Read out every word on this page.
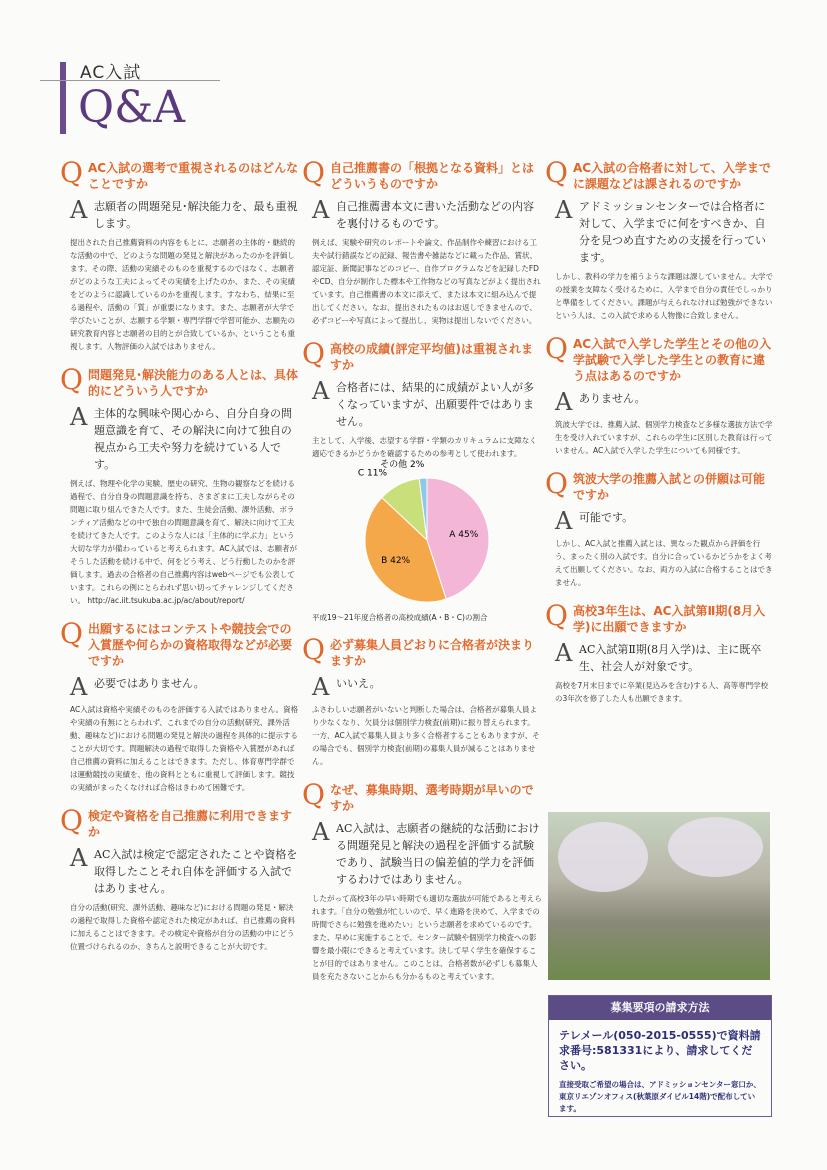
AC入試
Q&A
Q AC入試の選考で重視されるのはどんなことですか
A 志願者の問題発見･解決能力を、最も重視します。
提出された自己推薦資料の内容をもとに、志願者の主体的・継続的な活動の中で、どのような問題の発見と解決があったのかを評価します。その際、活動の実績そのものを重視するのではなく、志願者がどのような工夫によってその実績を上げたのか、また、その実績をどのように認識しているのかを重視します。すなわち、結果に至る過程や、活動の「質」が重要になります。また、志願者が大学で学びたいことが、志願する学類・専門学群で学習可能か、志願先の研究教育内容と志願者の目的とが合致しているか、ということも重視します。人物評価の入試ではありません。
Q 問題発見･解決能力のある人とは、具体的にどういう人ですか
A 主体的な興味や関心から、自分自身の問題意識を育て、その解決に向けて独自の視点から工夫や努力を続けている人です。
例えば、物理や化学の実験、歴史の研究、生物の観察などを続ける過程で、自分自身の問題意識を持ち、さまざまに工夫しながらその問題に取り組んできた人です。また、生徒会活動、課外活動、ボランティア活動などの中で独自の問題意識を育て、解決に向けて工夫を続けてきた人です。このような人には「主体的に学ぶ力」という大切な学力が備わっていると考えられます。AC入試では、志願者がそうした活動を続ける中で、何をどう考え、どう行動したのかを評価します。過去の合格者の自己推薦内容はwebページでも公表しています。これらの例にとらわれず思い切ってチャレンジしてください。 http://ac.iit.tsukuba.ac.jp/ac/about/report/
Q 出願するにはコンテストや競技会での入賞歴や何らかの資格取得などが必要ですか
A 必要ではありません。
AC入試は資格や実績そのものを評価する入試ではありません。資格や実績の有無にとらわれず、これまでの自分の活動(研究、課外活動、趣味など)における問題の発見と解決の過程を具体的に提示することが大切です。問題解決の過程で取得した資格や入賞歴があれば自己推薦の資料に加えることはできます。ただし、体育専門学群では運動競技の実績を、他の資料とともに重視して評価します。競技の実績がまったくなければ合格はきわめて困難です。
Q 検定や資格を自己推薦に利用できますか
A AC入試は検定で認定されたことや資格を取得したことそれ自体を評価する入試ではありません。
自分の活動(研究、課外活動、趣味など)における問題の発見・解決の過程で取得した資格や認定された検定があれば、自己推薦の資料に加えることはできます。その検定や資格が自分の活動の中にどう位置づけられるのか、きちんと説明できることが大切です。
Q 自己推薦書の「根拠となる資料」とはどういうものですか
A 自己推薦書本文に書いた活動などの内容を裏付けるものです。
例えば、実験や研究のレポートや論文、作品制作や練習における工夫や試行錯誤などの記録、報告書や雑誌などに載った作品、賞状、認定証、新聞記事などのコピー、自作プログラムなどを記録したFDやCD、自分が制作した標本や工作物などの写真などがよく提出されています。自己推薦書の本文に添えて、または本文に組み込んで提出してください。なお、提出されたものはお返しできませんので、必ずコピーや写真によって提出し、実物は提出しないでください。
Q 高校の成績(評定平均値)は重視されますか
A 合格者には、結果的に成績がよい人が多くなっていますが、出願要件ではありません。
主として、入学後、志望する学群・学類のカリキュラムに支障なく適応できるかどうかを確認するための参考として使われます。
A 45%
B 42%
C 11%
その他 2%
平成19～21年度合格者の高校成績(A・B・C)の割合
Q 必ず募集人員どおりに合格者が決まりますか
A いいえ。
ふさわしい志願者がいないと判断した場合は、合格者が募集人員より少なくなり、欠員分は個別学力検査(前期)に振り替えられます。一方、AC入試で募集人員より多く合格者することもありますが、その場合でも、個別学力検査(前期)の募集人員が減ることはありません。
Q なぜ、募集時期、選考時期が早いのですか
A AC入試は、志願者の継続的な活動における問題発見と解決の過程を評価する試験であり、試験当日の偏差値的学力を評価するわけではありません。
したがって高校3年の早い時期でも適切な選抜が可能であると考えられます。「自分の勉強が忙しいので、早く進路を決めて、入学までの時間でさらに勉強を進めたい」という志願者を求めているのです。また、早めに実施することで、センター試験や個別学力検査への影響を最小限にできると考えています。決して早く学生を確保することが目的ではありません。このことは、合格者数が必ずしも募集人員を充たさないことからも分かるものと考えています。
Q AC入試の合格者に対して、入学までに課題などは課されるのですか
A アドミッションセンターでは合格者に対して、入学までに何をすべきか、自分を見つめ直すための支援を行っています。
しかし、教科の学力を補うような課題は課していません。大学での授業を支障なく受けるために、入学まで自分の責任でしっかりと準備をしてください。課題が与えられなければ勉強ができないという人は、この入試で求める人物像に合致しません。
Q AC入試で入学した学生とその他の入学試験で入学した学生との教育に違う点はあるのですか
A ありません。
筑波大学では、推薦入試、個別学力検査など多様な選抜方法で学生を受け入れていますが、これらの学生に区別した教育は行っていません。AC入試で入学した学生についても同様です。
Q 筑波大学の推薦入試との併願は可能ですか
A 可能です。
しかし、AC入試と推薦入試とは、異なった観点から評価を行う、まったく別の入試です。自分に合っているかどうかをよく考えて出願してください。なお、両方の入試に合格することはできません。
Q 高校3年生は、AC入試第Ⅱ期(8月入学)に出願できますか
A AC入試第Ⅱ期(8月入学)は、主に既卒生、社会人が対象です。
高校を7月末日までに卒業(見込みを含む)する人、高等専門学校の3年次を修了した人も出願できます。
募集要項の請求方法
テレメール(050-2015-0555)で資料請求番号:581331により、請求してください。
直接受取ご希望の場合は、アドミッションセンター窓口か、東京リエゾンオフィス(秋葉原ダイビル14階)で配布しています。
